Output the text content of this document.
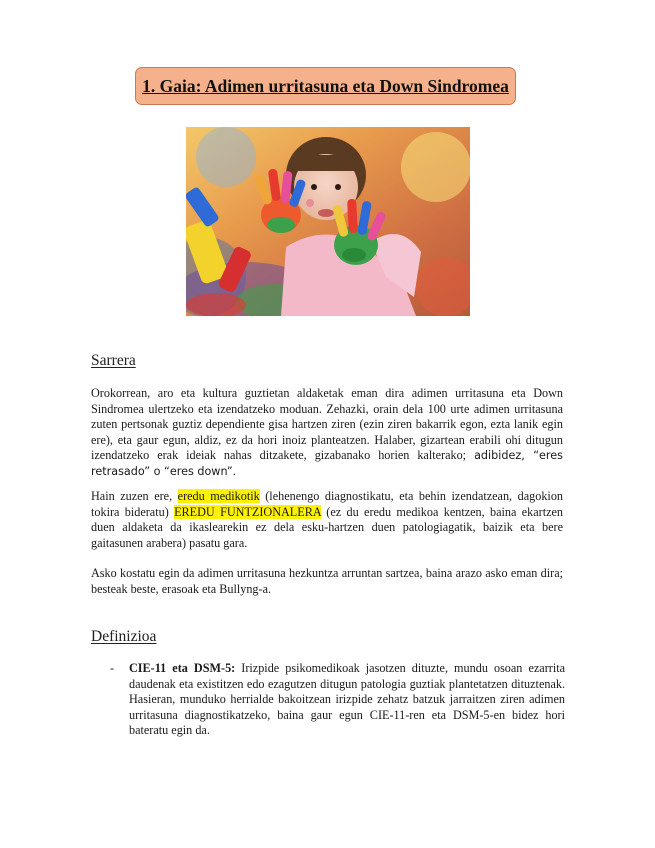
1. Gaia: Adimen urritasuna eta Down Sindromea
Sarrera

Orokorrean, aro eta kultura guztietan aldaketak eman dira adimen urritasuna eta Down Sindromea ulertzeko eta izendatzeko moduan. Zehazki, orain dela 100 urte adimen urritasuna zuten pertsonak guztiz dependiente gisa hartzen ziren (ezin ziren bakarrik egon, ezta lanik egin ere), eta gaur egun, aldiz, ez da hori inoiz planteatzen. Halaber, gizartean erabili ohi ditugun izendatzeko erak ideiak nahas ditzakete, gizabanako horien kalterako; adibidez, “eres retrasado” o “eres down”.

Hain zuzen ere, eredu medikotik (lehenengo diagnostikatu, eta behin izendatzean, dagokion tokira bideratu) EREDU FUNTZIONALERA (ez du eredu medikoa kentzen, baina ekartzen duen aldaketa da ikaslearekin ez dela esku-hartzen duen patologiagatik, baizik eta bere gaitasunen arabera) pasatu gara.

Asko kostatu egin da adimen urritasuna hezkuntza arruntan sartzea, baina arazo asko eman dira; besteak beste, erasoak eta Bullyng-a.

Definizioa
- CIE-11 eta DSM-5: Irizpide psikomedikoak jasotzen dituzte, mundu osoan ezarrita daudenak eta existitzen edo ezagutzen ditugun patologia guztiak plantetatzen dituztenak. Hasieran, munduko herrialde bakoitzean irizpide zehatz batzuk jarraitzen ziren adimen urritasuna diagnostikatzeko, baina gaur egun CIE-11-ren eta DSM-5-en bidez hori bateratu egin da.
